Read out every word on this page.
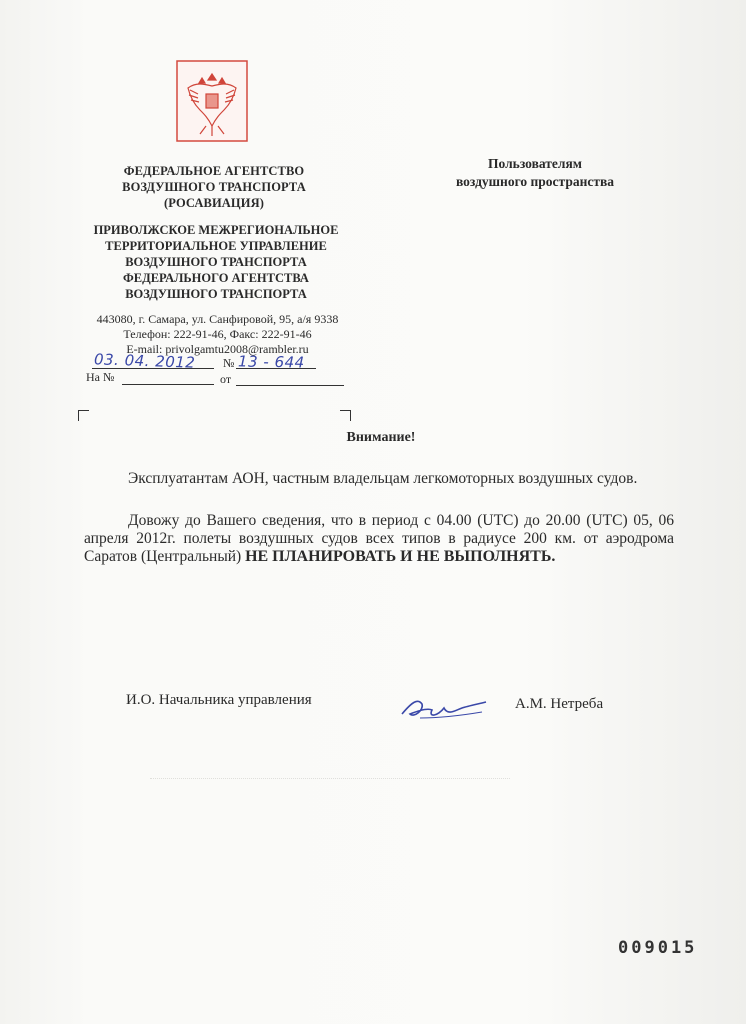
ФЕДЕРАЛЬНОЕ АГЕНТСТВО
ВОЗДУШНОГО ТРАНСПОРТА
(РОСАВИАЦИЯ)
ПРИВОЛЖСКОЕ МЕЖРЕГИОНАЛЬНОЕ
ТЕРРИТОРИАЛЬНОЕ УПРАВЛЕНИЕ
ВОЗДУШНОГО ТРАНСПОРТА
ФЕДЕРАЛЬНОГО АГЕНТСТВА
ВОЗДУШНОГО ТРАНСПОРТА
443080, г. Самара, ул. Санфировой, 95, а/я 9338
Телефон: 222-91-46, Факс: 222-91-46
E-mail: privolgamtu2008@rambler.ru
03. 04. 2012 № 13 - 644
На №	от
Пользователям
воздушного пространства
Внимание!
Эксплуатантам АОН, частным владельцам легкомоторных воздушных судов.
Довожу до Вашего сведения, что в период с 04.00 (UTC) до 20.00 (UTC) 05, 06 апреля 2012г. полеты воздушных судов всех типов в радиусе 200 км. от аэродрома Саратов (Центральный) НЕ ПЛАНИРОВАТЬ И НЕ ВЫПОЛНЯТЬ.
И.О. Начальника управления	А.М. Нетреба
009015
